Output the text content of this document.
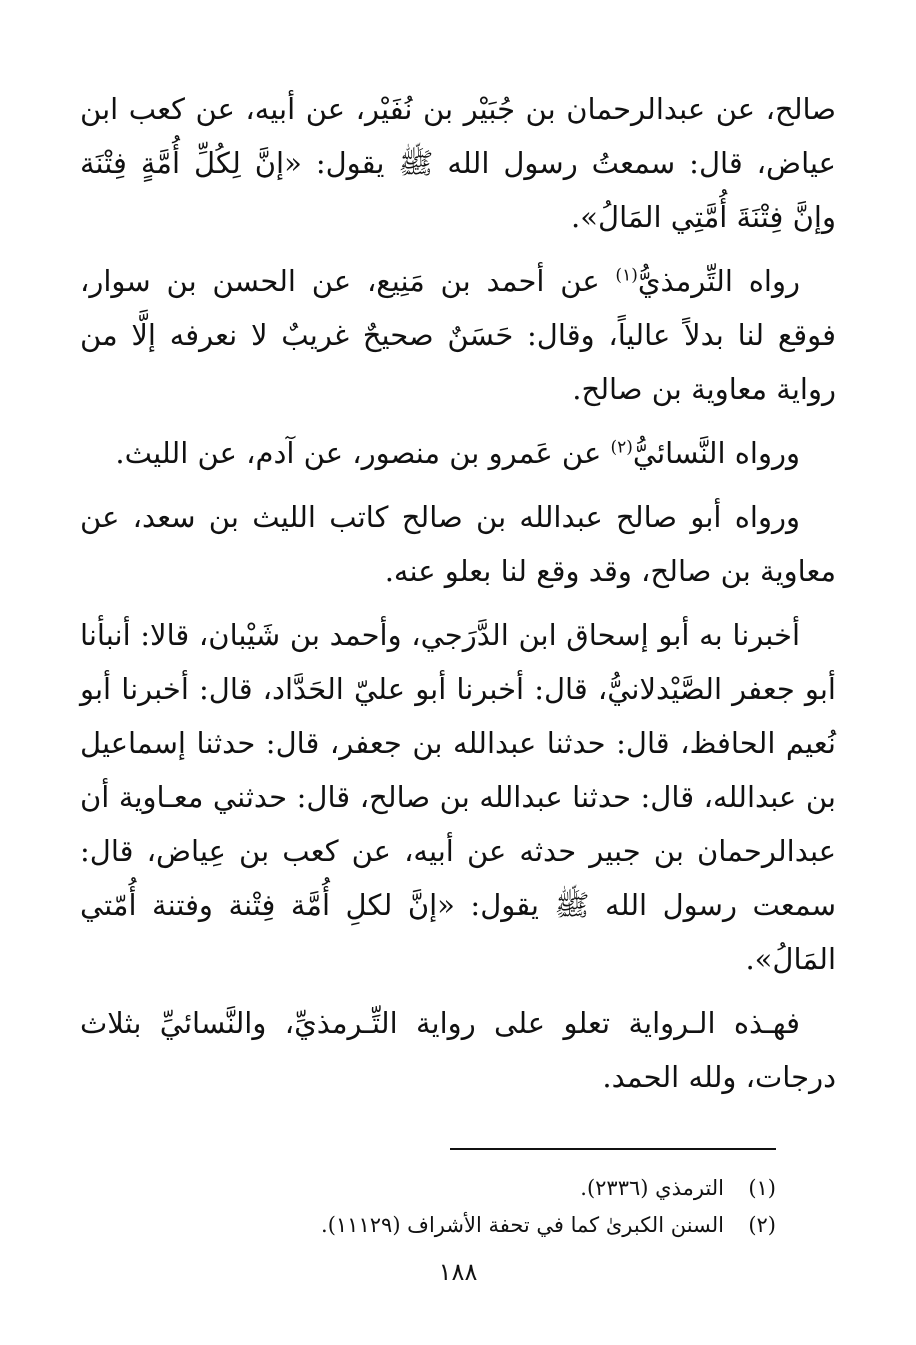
صالح، عن عبدالرحمان بن جُبَيْر بن نُفَيْر، عن أبيه، عن كعب ابن عياض، قال: سمعتُ رسول الله ﷺ يقول: «إنَّ لِكُلِّ أُمَّةٍ فِتْنَة وإنَّ فِتْنَةَ أُمَّتِي المَالُ».

رواه التِّرمذيُّ$^{(١)}$ عن أحمد بن مَنِيع، عن الحسن بن سوار، فوقع لنا بدلاً عالياً، وقال: حَسَنٌ صحيحٌ غريبٌ لا نعرفه إلَّا من رواية معاوية بن صالح.

ورواه النَّسائيُّ$^{(٢)}$ عن عَمرو بن منصور، عن آدم، عن الليث.

ورواه أبو صالح عبدالله بن صالح كاتب الليث بن سعد، عن معاوية بن صالح، وقد وقع لنا بعلو عنه.

أخبرنا به أبو إسحاق ابن الدَّرَجي، وأحمد بن شَيْبان، قالا: أنبأنا أبو جعفر الصَّيْدلانيُّ، قال: أخبرنا أبو عليّ الحَدَّاد، قال: أخبرنا أبو نُعيم الحافظ، قال: حدثنا عبدالله بن جعفر، قال: حدثنا إسماعيل بن عبدالله، قال: حدثنا عبدالله بن صالح، قال: حدثني معـاوية أن عبدالرحمان بن جبير حدثه عن أبيه، عن كعب بن عِياض، قال: سمعت رسول الله ﷺ يقول: «إنَّ لكلِ أُمَّة فِتْنة وفتنة أُمّتي المَالُ».

فهـذه الـرواية تعلو على رواية التِّـرمذيِّ، والنَّسائيِّ بثلاث درجات، ولله الحمد.

(١)الترمذي (٢٣٣٦).
(٢)السنن الكبرىٰ كما في تحفة الأشراف (١١١٢٩).
١٨٨
